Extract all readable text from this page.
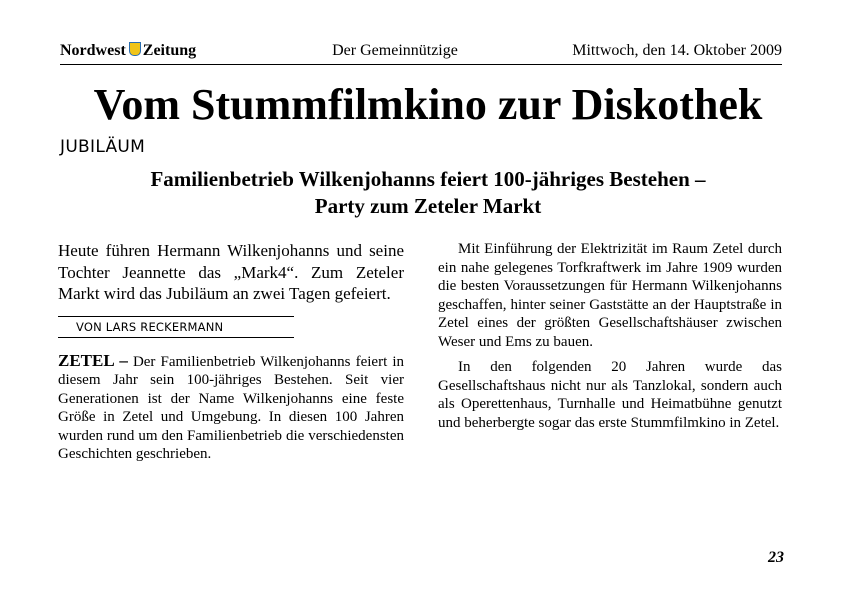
Nordwest Zeitung	Der Gemeinnützige	Mittwoch, den 14. Oktober 2009
Vom Stummfilmkino zur Diskothek
JUBILÄUM
Familienbetrieb Wilkenjohanns feiert 100-jähriges Bestehen –
Party zum Zeteler Markt

Heute führen Hermann Wilkenjohanns und seine Tochter Jeannette das „Mark4“. Zum Zeteler Markt wird das Jubiläum an zwei Tagen gefeiert.

VON LARS RECKERMANN

ZETEL – Der Familienbetrieb Wilkenjohanns feiert in diesem Jahr sein 100-jähriges Bestehen. Seit vier Generationen ist der Name Wilkenjohanns eine feste Größe in Zetel und Umgebung. In diesen 100 Jahren wurden rund um den Familienbetrieb die verschiedensten Geschichten geschrieben.

Mit Einführung der Elektrizität im Raum Zetel durch ein nahe gelegenes Torfkraftwerk im Jahre 1909 wurden die besten Voraussetzungen für Hermann Wilkenjohanns geschaffen, hinter seiner Gaststätte an der Hauptstraße in Zetel eines der größten Gesellschaftshäuser zwischen Weser und Ems zu bauen.

In den folgenden 20 Jahren wurde das Gesellschaftshaus nicht nur als Tanzlokal, sondern auch als Operettenhaus, Turnhalle und Heimatbühne genutzt und beherbergte sogar das erste Stummfilmkino in Zetel.

23
